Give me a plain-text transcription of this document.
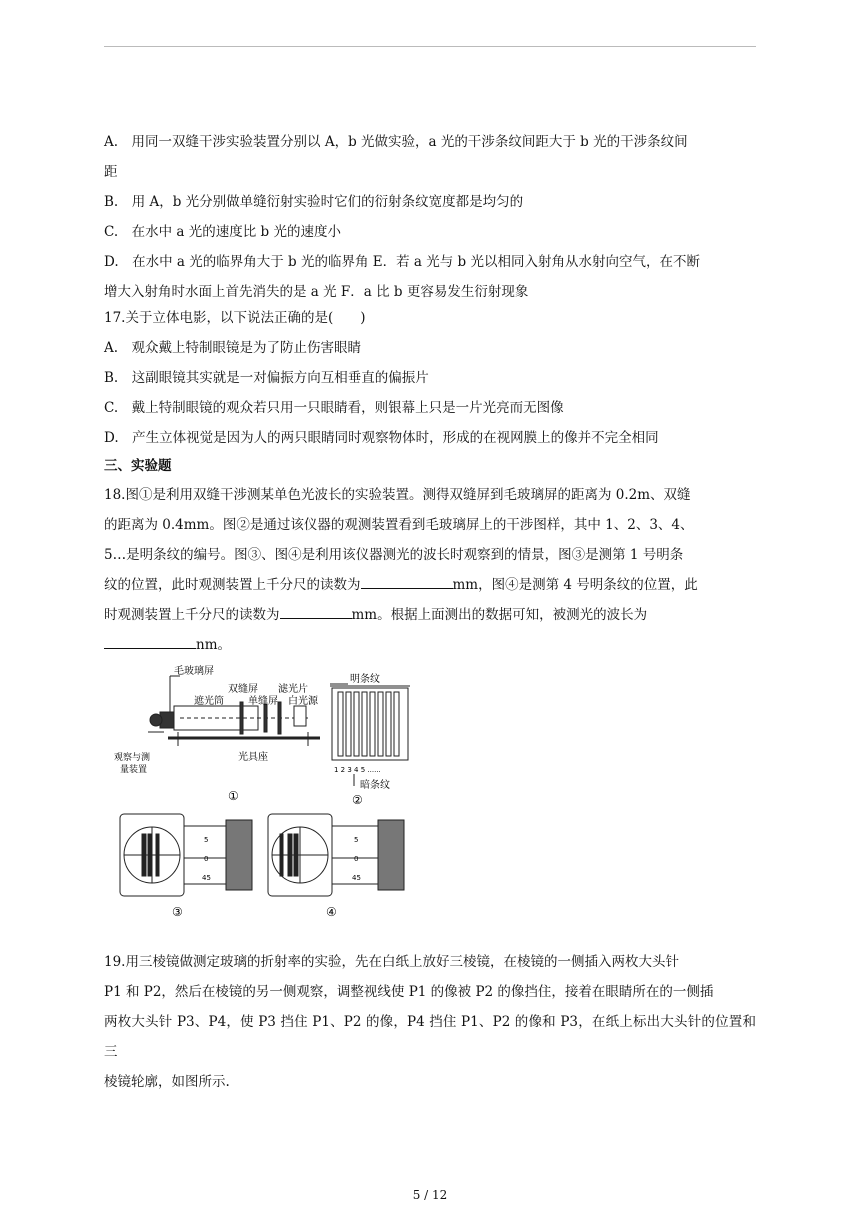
A.　用同一双缝干涉实验装置分别以 A，b 光做实验，a 光的干涉条纹间距大于 b 光的干涉条纹间
距
B.　用 A，b 光分别做单缝衍射实验时它们的衍射条纹宽度都是均匀的
C.　在水中 a 光的速度比 b 光的速度小
D.　在水中 a 光的临界角大于 b 光的临界角 E．若 a 光与 b 光以相同入射角从水射向空气，在不断
增大入射角时水面上首先消失的是 a 光 F．a 比 b 更容易发生衍射现象
17.关于立体电影，以下说法正确的是(　　)
A.　观众戴上特制眼镜是为了防止伤害眼睛
B.　这副眼镜其实就是一对偏振方向互相垂直的偏振片
C.　戴上特制眼镜的观众若只用一只眼睛看，则银幕上只是一片光亮而无图像
D.　产生立体视觉是因为人的两只眼睛同时观察物体时，形成的在视网膜上的像并不完全相同
三、实验题
18.图①是利用双缝干涉测某单色光波长的实验装置。测得双缝屏到毛玻璃屏的距离为 0.2m、双缝
的距离为 0.4mm。图②是通过该仪器的观测装置看到毛玻璃屏上的干涉图样，其中 1、2、3、4、
5…是明条纹的编号。图③、图④是利用该仪器测光的波长时观察到的情景，图③是测第 1 号明条
纹的位置，此时观测装置上千分尺的读数为	mm，图④是测第 4 号明条纹的位置，此
时观测装置上千分尺的读数为	mm。根据上面测出的数据可知，被测光的波长为
nm。
毛玻璃屏
双缝屏 滤光片
遮光筒 单缝屏 白光源
观察与测
量装置
光具座
①
明条纹
1 2 3 4 5 ......
暗条纹
②
5
0
45
③
5
0
45
④
19.用三棱镜做测定玻璃的折射率的实验，先在白纸上放好三棱镜，在棱镜的一侧插入两枚大头针
P1 和 P2，然后在棱镜的另一侧观察，调整视线使 P1 的像被 P2 的像挡住，接着在眼睛所在的一侧插
两枚大头针 P3、P4，使 P3 挡住 P1、P2 的像，P4 挡住 P1、P2 的像和 P3，在纸上标出大头针的位置和三
棱镜轮廓，如图所示.
5 / 12
